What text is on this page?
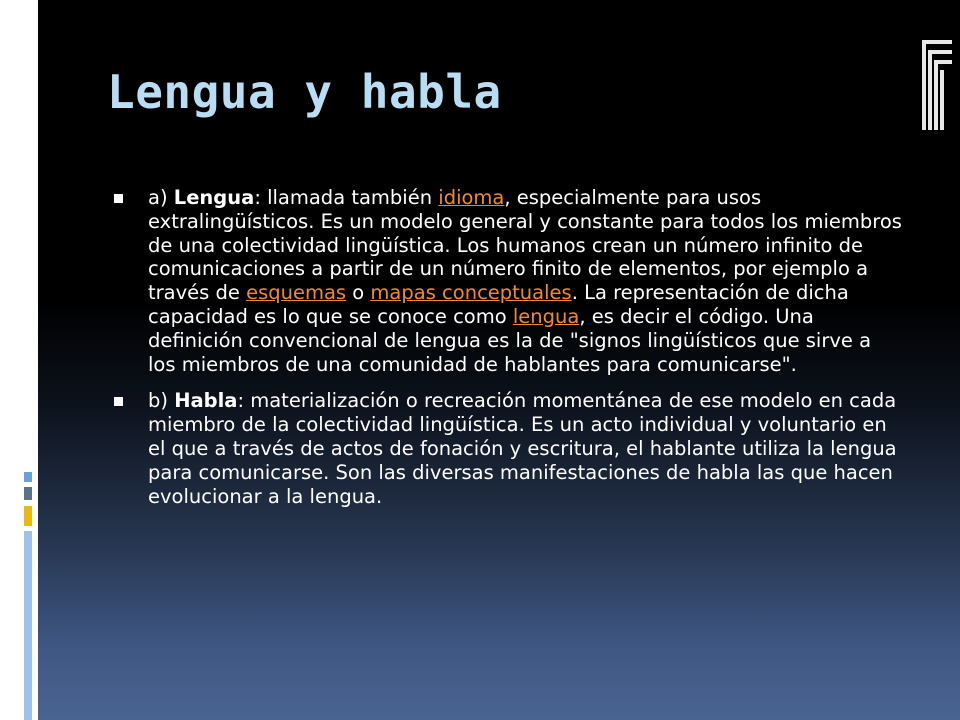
Lengua y habla
a) Lengua: llamada también idioma, especialmente para usos extralingüísticos. Es un modelo general y constante para todos los miembros de una colectividad lingüística. Los humanos crean un número infinito de comunicaciones a partir de un número finito de elementos, por ejemplo a través de esquemas o mapas conceptuales. La representación de dicha capacidad es lo que se conoce como lengua, es decir el código. Una definición convencional de lengua es la de "signos lingüísticos que sirve a los miembros de una comunidad de hablantes para comunicarse".
b) Habla: materialización o recreación momentánea de ese modelo en cada miembro de la colectividad lingüística. Es un acto individual y voluntario en el que a través de actos de fonación y escritura, el hablante utiliza la lengua para comunicarse. Son las diversas manifestaciones de habla las que hacen evolucionar a la lengua.
